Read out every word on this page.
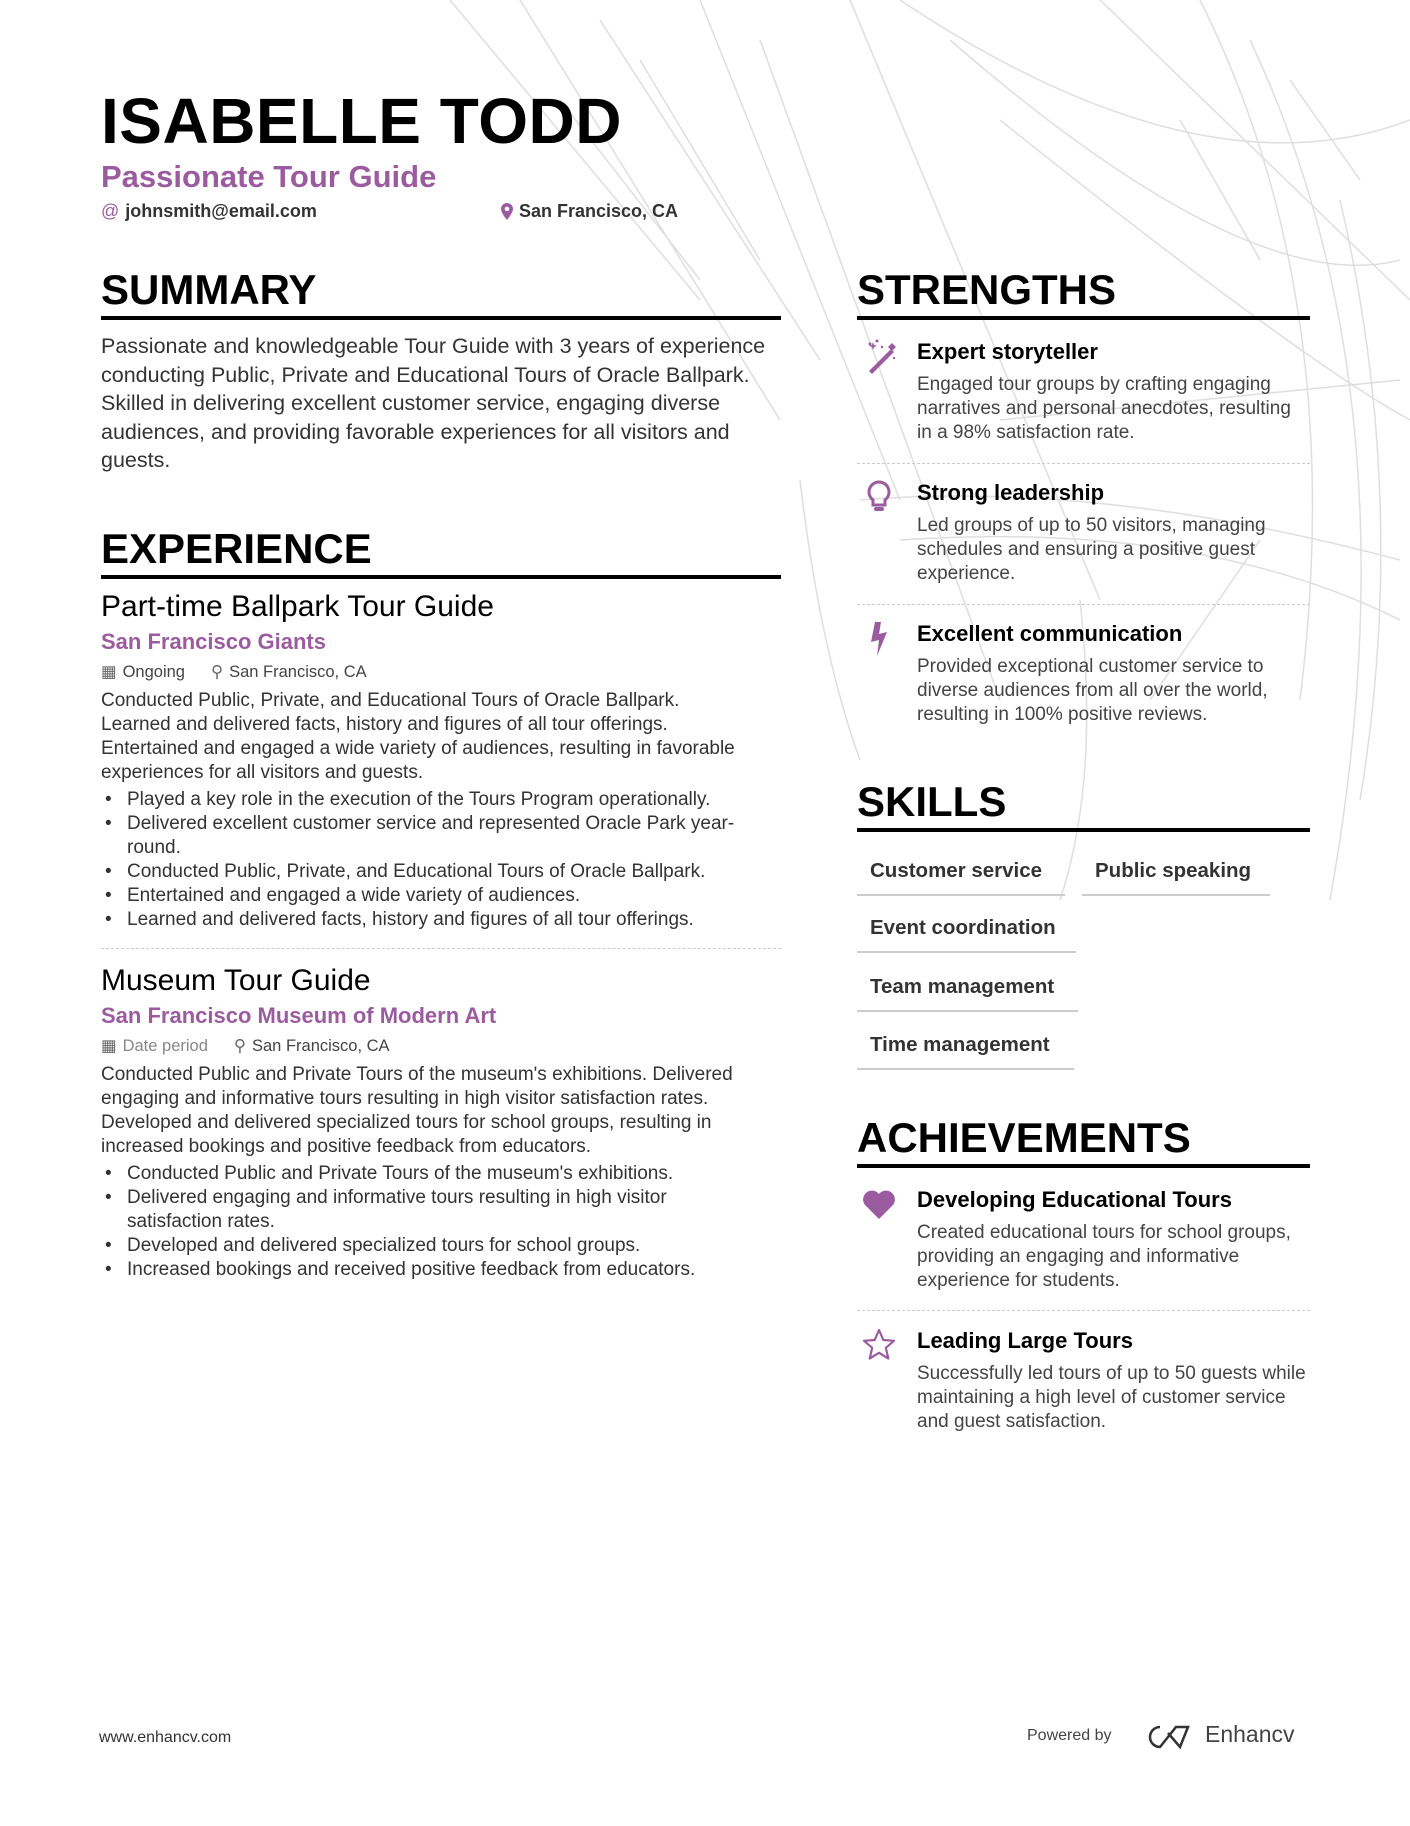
ISABELLE TODD
Passionate Tour Guide
@ johnsmith@email.com	San Francisco, CA
SUMMARY
Passionate and knowledgeable Tour Guide with 3 years of experience conducting Public, Private and Educational Tours of Oracle Ballpark. Skilled in delivering excellent customer service, engaging diverse audiences, and providing favorable experiences for all visitors and guests.
EXPERIENCE
Part-time Ballpark Tour Guide
San Francisco Giants
▦ Ongoing ⚲ San Francisco, CA
Conducted Public, Private, and Educational Tours of Oracle Ballpark. Learned and delivered facts, history and figures of all tour offerings. Entertained and engaged a wide variety of audiences, resulting in favorable experiences for all visitors and guests.
• Played a key role in the execution of the Tours Program operationally.
• Delivered excellent customer service and represented Oracle Park year-round.
• Conducted Public, Private, and Educational Tours of Oracle Ballpark.
• Entertained and engaged a wide variety of audiences.
• Learned and delivered facts, history and figures of all tour offerings.
Museum Tour Guide
San Francisco Museum of Modern Art
▦ Date period ⚲ San Francisco, CA
Conducted Public and Private Tours of the museum's exhibitions. Delivered engaging and informative tours resulting in high visitor satisfaction rates. Developed and delivered specialized tours for school groups, resulting in increased bookings and positive feedback from educators.
• Conducted Public and Private Tours of the museum's exhibitions.
• Delivered engaging and informative tours resulting in high visitor satisfaction rates.
• Developed and delivered specialized tours for school groups.
• Increased bookings and received positive feedback from educators.
STRENGTHS
Expert storyteller
Engaged tour groups by crafting engaging narratives and personal anecdotes, resulting in a 98% satisfaction rate.
Strong leadership
Led groups of up to 50 visitors, managing schedules and ensuring a positive guest experience.
Excellent communication
Provided exceptional customer service to diverse audiences from all over the world, resulting in 100% positive reviews.
SKILLS
Customer service	Public speaking
Event coordination
Team management
Time management
ACHIEVEMENTS
Developing Educational Tours
Created educational tours for school groups, providing an engaging and informative experience for students.
Leading Large Tours
Successfully led tours of up to 50 guests while maintaining a high level of customer service and guest satisfaction.
www.enhancv.com	Powered by	Enhancv
